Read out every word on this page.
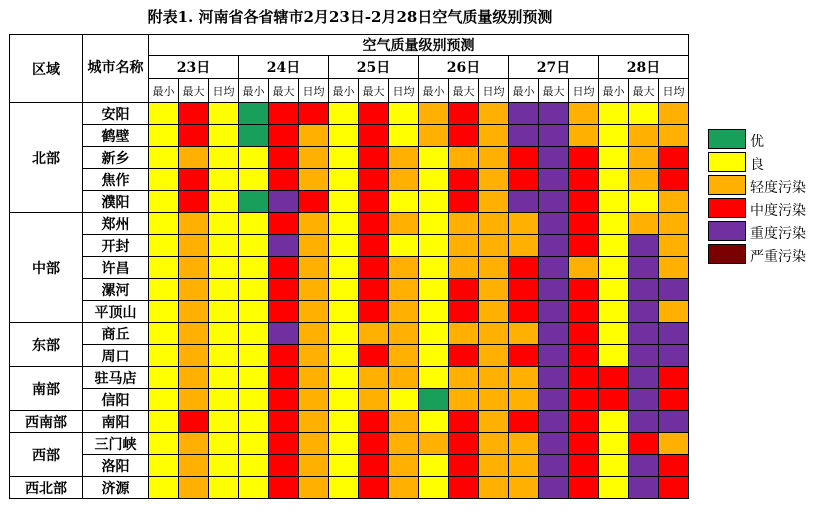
附表1. 河南省各省辖市2月23日-2月28日空气质量级别预测
区域	城市名称	空气质量级别预测																	
		23日			24日			25日			26日			27日			28日		
		最小	最大	日均	最小	最大	日均	最小	最大	日均	最小	最大	日均	最小	最大	日均	最小	最大	日均
北部	安阳																		
	鹤壁																		
	新乡																		
	焦作																		
	濮阳																		
中部	郑州																		
	开封																		
	许昌																		
	漯河																		
	平顶山																		
东部	商丘																		
	周口																		
南部	驻马店																		
	信阳																		
西南部	南阳																		
西部	三门峡																		
	洛阳																		
西北部	济源																		
优
良
轻度污染
中度污染
重度污染
严重污染
